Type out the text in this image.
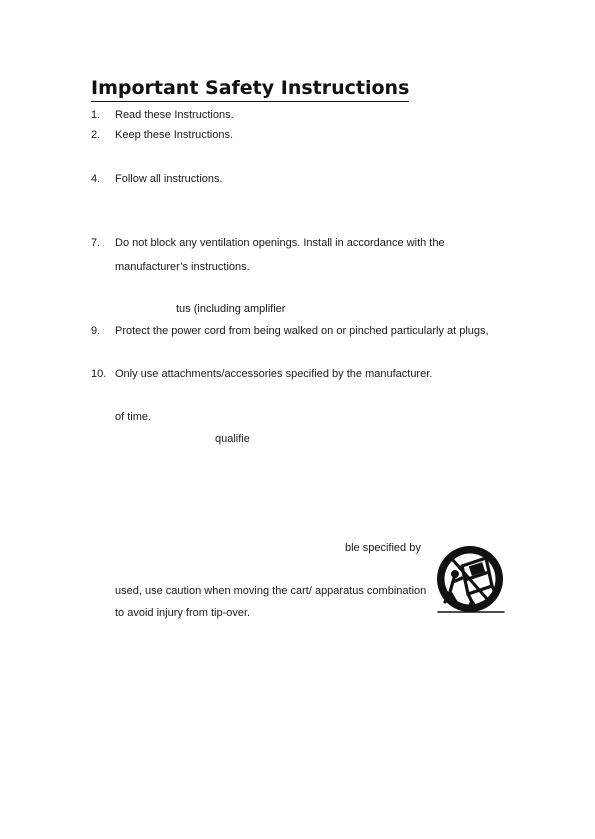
Important Safety Instructions
1. Read these Instructions.
2. Keep these Instructions.
4. Follow all instructions.
7. Do not block any ventilation openings. Install in accordance with the
manufacturer’s instructions.
tus (including amplifier
9. Protect the power cord from being walked on or pinched particularly at plugs,
10. Only use attachments/accessories specified by the manufacturer.
of time.
qualifie
ble specified by
used, use caution when moving the cart/ apparatus combination
to avoid injury from tip-over.
